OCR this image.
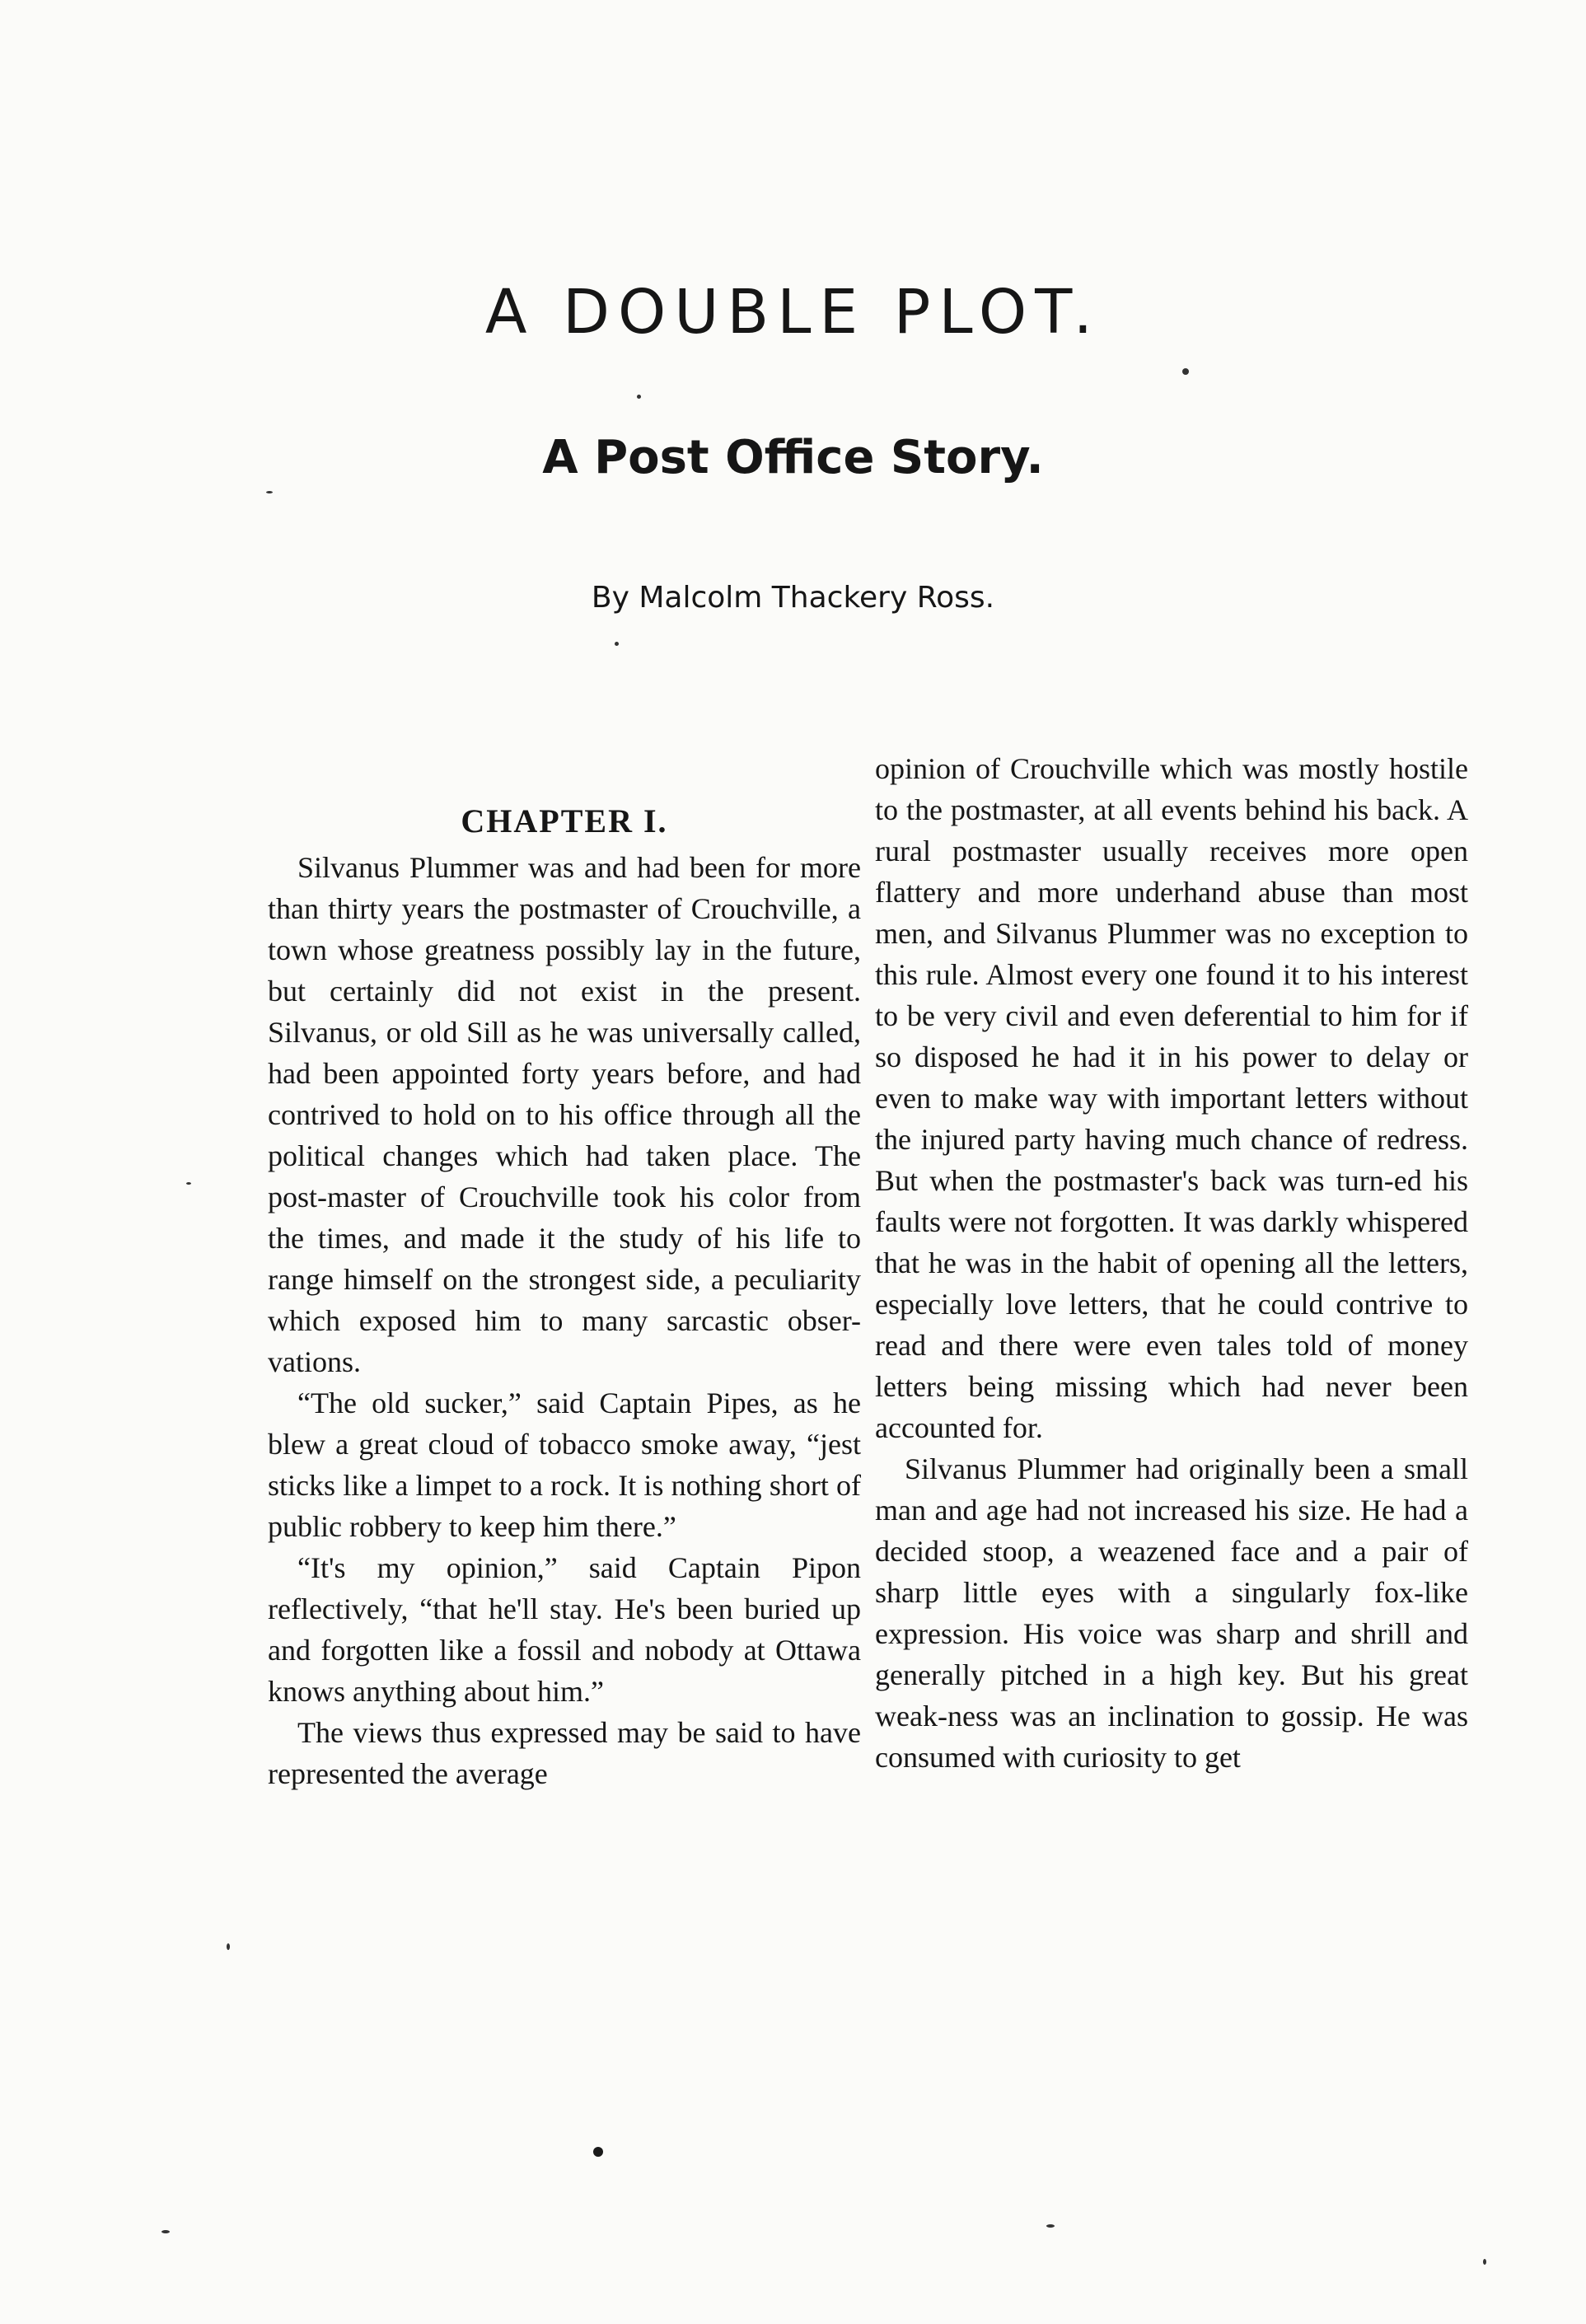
A DOUBLE PLOT.
A Post Office Story.

By Malcolm Thackery Ross.

CHAPTER I.

Silvanus Plummer was and had been for more than thirty years the postmaster of Crouchville, a town whose greatness possibly lay in the future, but certainly did not exist in the present. Silvanus, or old Sill as he was universally called, had been appointed forty years before, and had contrived to hold on to his office through all the political changes which had taken place. The post-master of Crouchville took his color from the times, and made it the study of his life to range himself on the strongest side, a peculiarity which exposed him to many sarcastic obser-vations.

“The old sucker,” said Captain Pipes, as he blew a great cloud of tobacco smoke away, “jest sticks like a limpet to a rock. It is nothing short of public robbery to keep him there.”

“It's my opinion,” said Captain Pipon reflectively, “that he'll stay. He's been buried up and forgotten like a fossil and nobody at Ottawa knows anything about him.”

The views thus expressed may be said to have represented the average

opinion of Crouchville which was mostly hostile to the postmaster, at all events behind his back. A rural postmaster usually receives more open flattery and more underhand abuse than most men, and Silvanus Plummer was no exception to this rule. Almost every one found it to his interest to be very civil and even deferential to him for if so disposed he had it in his power to delay or even to make way with important letters without the injured party having much chance of redress. But when the postmaster's back was turn-ed his faults were not forgotten. It was darkly whispered that he was in the habit of opening all the letters, especially love letters, that he could contrive to read and there were even tales told of money letters being missing which had never been accounted for.

Silvanus Plummer had originally been a small man and age had not increased his size. He had a decided stoop, a weazened face and a pair of sharp little eyes with a singularly fox-like expression. His voice was sharp and shrill and generally pitched in a high key. But his great weak-ness was an inclination to gossip. He was consumed with curiosity to get
